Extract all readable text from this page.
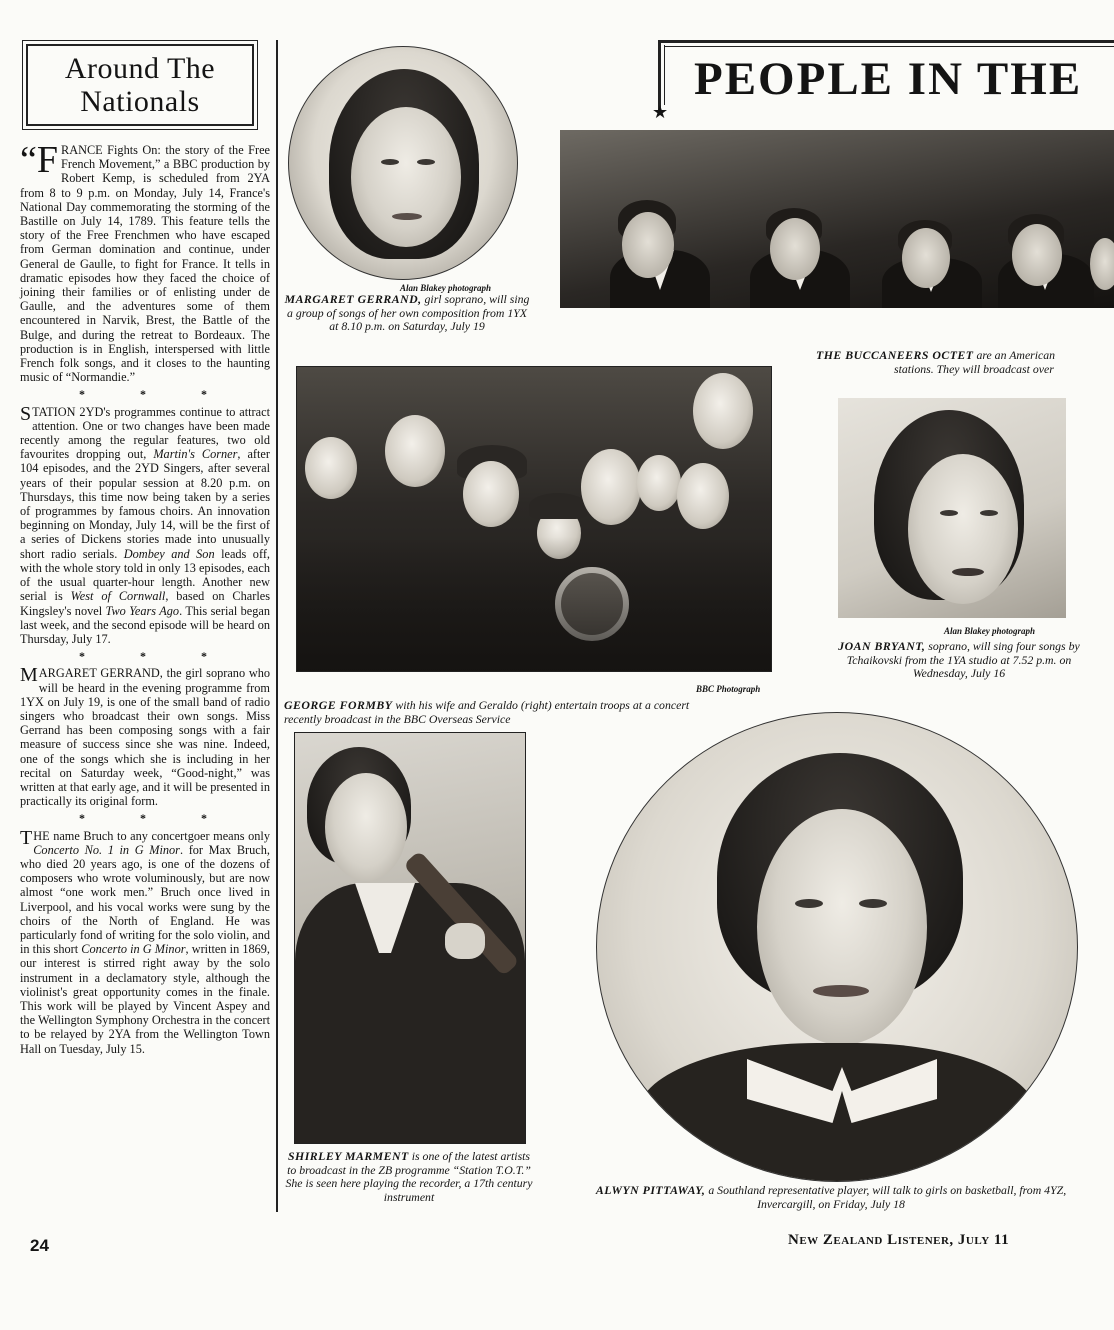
Around The
Nationals

“F RANCE Fights On: the story of the Free French Movement,” a BBC production by Robert Kemp, is scheduled from 2YA from 8 to 9 p.m. on Monday, July 14, France's National Day commemorating the storming of the Bastille on July 14, 1789. This feature tells the story of the Free Frenchmen who have escaped from German domination and continue, under General de Gaulle, to fight for France. It tells in dramatic episodes how they faced the choice of joining their families or of enlisting under de Gaulle, and the adventures some of them encountered in Narvik, Brest, the Battle of the Bulge, and during the retreat to Bordeaux. The production is in English, interspersed with little French folk songs, and it closes to the haunting music of “Normandie.”

* * *

STATION 2YD's programmes continue to attract attention. One or two changes have been made recently among the regular features, two old favourites dropping out, Martin's Corner, after 104 episodes, and the 2YD Singers, after several years of their popular session at 8.20 p.m. on Thursdays, this time now being taken by a series of programmes by famous choirs. An innovation beginning on Monday, July 14, will be the first of a series of Dickens stories made into unusually short radio serials. Dombey and Son leads off, with the whole story told in only 13 episodes, each of the usual quarter-hour length. Another new serial is West of Cornwall, based on Charles Kingsley's novel Two Years Ago. This serial began last week, and the second episode will be heard on Thursday, July 17.

* * *

MARGARET GERRAND, the girl soprano who will be heard in the evening programme from 1YX on July 19, is one of the small band of radio singers who broadcast their own songs. Miss Gerrand has been composing songs with a fair measure of success since she was nine. Indeed, one of the songs which she is including in her recital on Saturday week, “Good-night,” was written at that early age, and it will be presented in practically its original form.

* * *

THE name Bruch to any concertgoer means only Concerto No. 1 in G Minor. for Max Bruch, who died 20 years ago, is one of the dozens of composers who wrote voluminously, but are now almost “one work men.” Bruch once lived in Liverpool, and his vocal works were sung by the choirs of the North of England. He was particularly fond of writing for the solo violin, and in this short Concerto in G Minor, written in 1869, our interest is stirred right away by the solo instrument in a declamatory style, although the violinist's great opportunity comes in the finale. This work will be played by Vincent Aspey and the Wellington Symphony Orchestra in the concert to be relayed by 2YA from the Wellington Town Hall on Tuesday, July 15.

24
★
PEOPLE IN THE
Alan Blakey photograph
MARGARET GERRAND, girl soprano, will sing a group of songs of her own composition from 1YX at 8.10 p.m. on Saturday, July 19
THE BUCCANEERS OCTET are an American
stations. They will broadcast over
BBC Photograph
GEORGE FORMBY with his wife and Geraldo (right) entertain troops at a concert recently broadcast in the BBC Overseas Service
Alan Blakey photograph
JOAN BRYANT, soprano, will sing four songs by Tchaikovski from the 1YA studio at 7.52 p.m. on Wednesday, July 16
SHIRLEY MARMENT is one of the latest artists to broadcast in the ZB programme “Station T.O.T.” She is seen here playing the recorder, a 17th century instrument	ALWYN PITTAWAY, a Southland representative player, will talk to girls on basketball, from 4YZ, Invercargill, on Friday, July 18
New Zealand Listener, July 11
